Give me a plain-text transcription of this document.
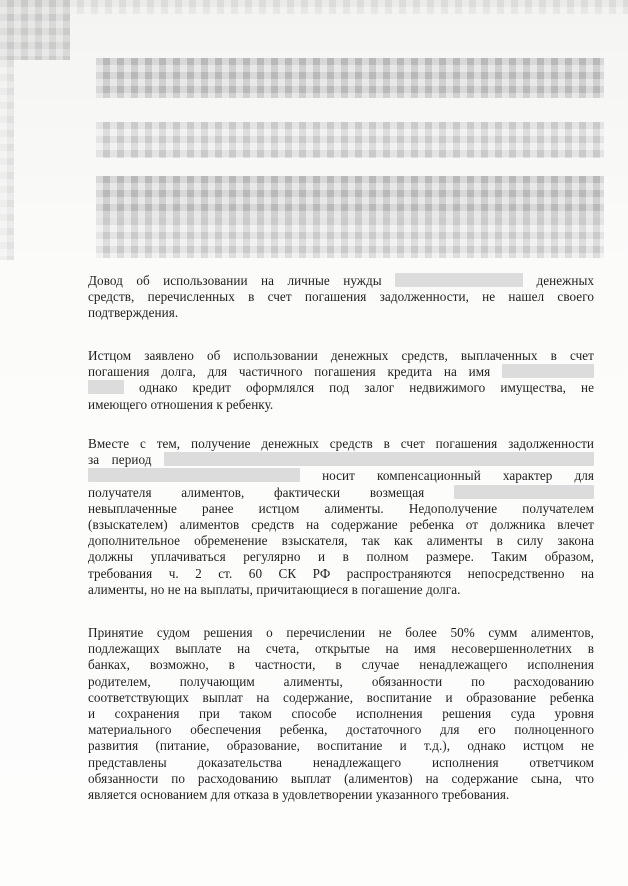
Довод об использовании на личные нужды	денежных
средств, перечисленных в счет погашения задолженности, не нашел своего
подтверждения.
Истцом заявлено об использовании денежных средств, выплаченных в счет
погашения долга, для частичного погашения кредита на имя
однако кредит оформлялся под залог недвижимого имущества, не
имеющего отношения к ребенку.
Вместе с тем, получение денежных средств в счет погашения задолженности
за период
носит компенсационный характер для
получателя алиментов, фактически возмещая
невыплаченные ранее истцом алименты. Недополучение получателем
(взыскателем) алиментов средств на содержание ребенка от должника влечет
дополнительное обременение взыскателя, так как алименты в силу закона
должны уплачиваться регулярно и в полном размере. Таким образом,
требования ч. 2 ст. 60 СК РФ распространяются непосредственно на
алименты, но не на выплаты, причитающиеся в погашение долга.
Принятие судом решения о перечислении не более 50% сумм алиментов,
подлежащих выплате на счета, открытые на имя несовершеннолетних в
банках, возможно, в частности, в случае ненадлежащего исполнения
родителем, получающим алименты, обязанности по расходованию
соответствующих выплат на содержание, воспитание и образование ребенка
и сохранения при таком способе исполнения решения суда уровня
материального обеспечения ребенка, достаточного для его полноценного
развития (питание, образование, воспитание и т.д.), однако истцом не
представлены доказательства ненадлежащего исполнения ответчиком
обязанности по расходованию выплат (алиментов) на содержание сына, что
является основанием для отказа в удовлетворении указанного требования.
